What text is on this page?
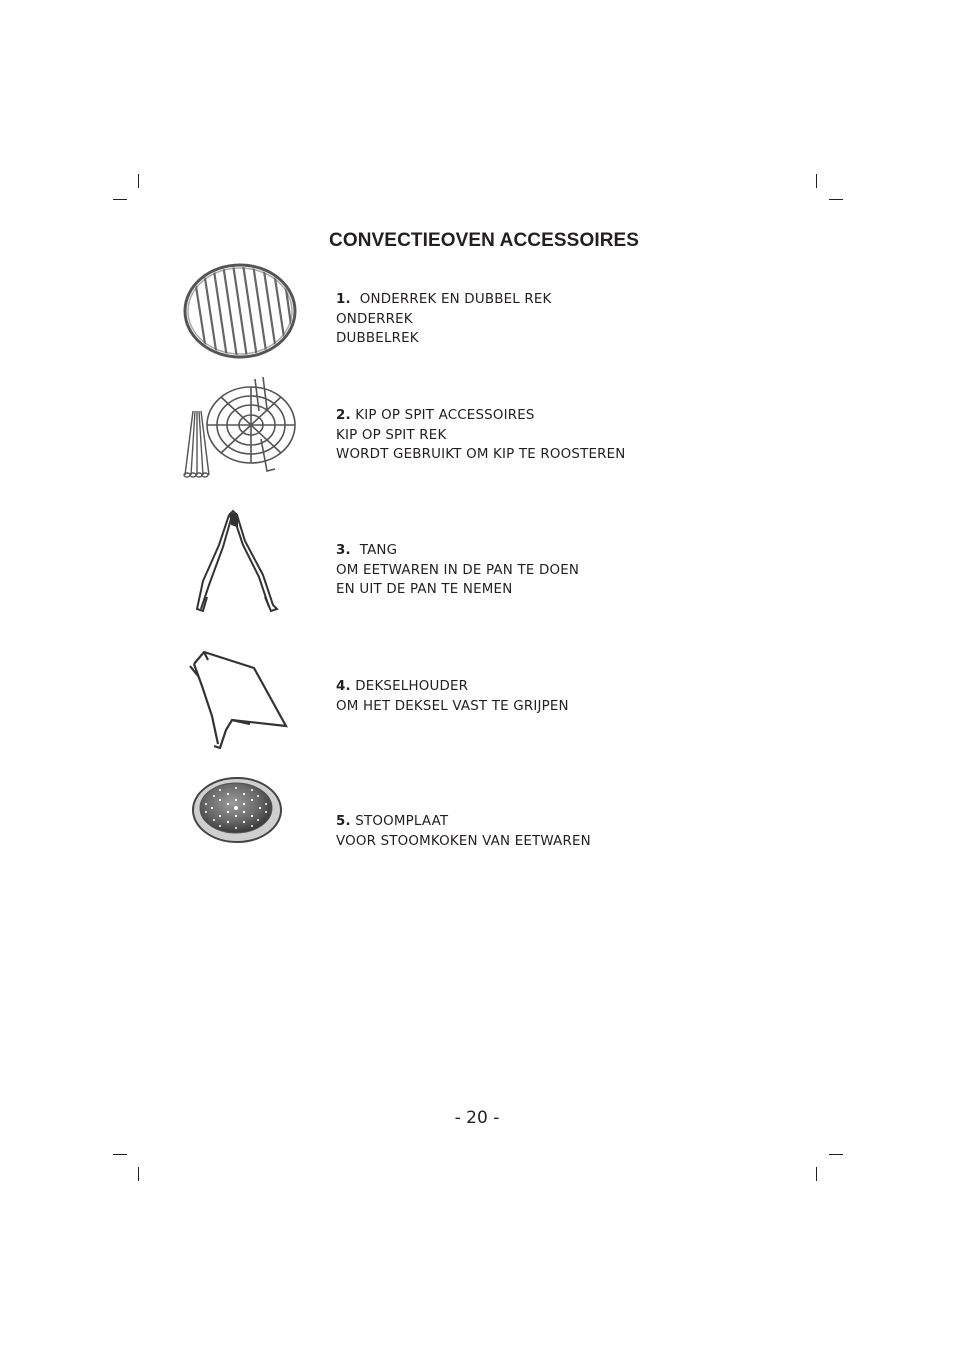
CONVECTIEOVEN ACCESSOIRES
1. ONDERREK EN DUBBEL REK
ONDERREK
DUBBELREK
2. KIP OP SPIT ACCESSOIRES
KIP OP SPIT REK
WORDT GEBRUIKT OM KIP TE ROOSTEREN
3. TANG
OM EETWAREN IN DE PAN TE DOEN
EN UIT DE PAN TE NEMEN
4. DEKSELHOUDER
OM HET DEKSEL VAST TE GRIJPEN
5. STOOMPLAAT
VOOR STOOMKOKEN VAN EETWAREN
- 20 -
